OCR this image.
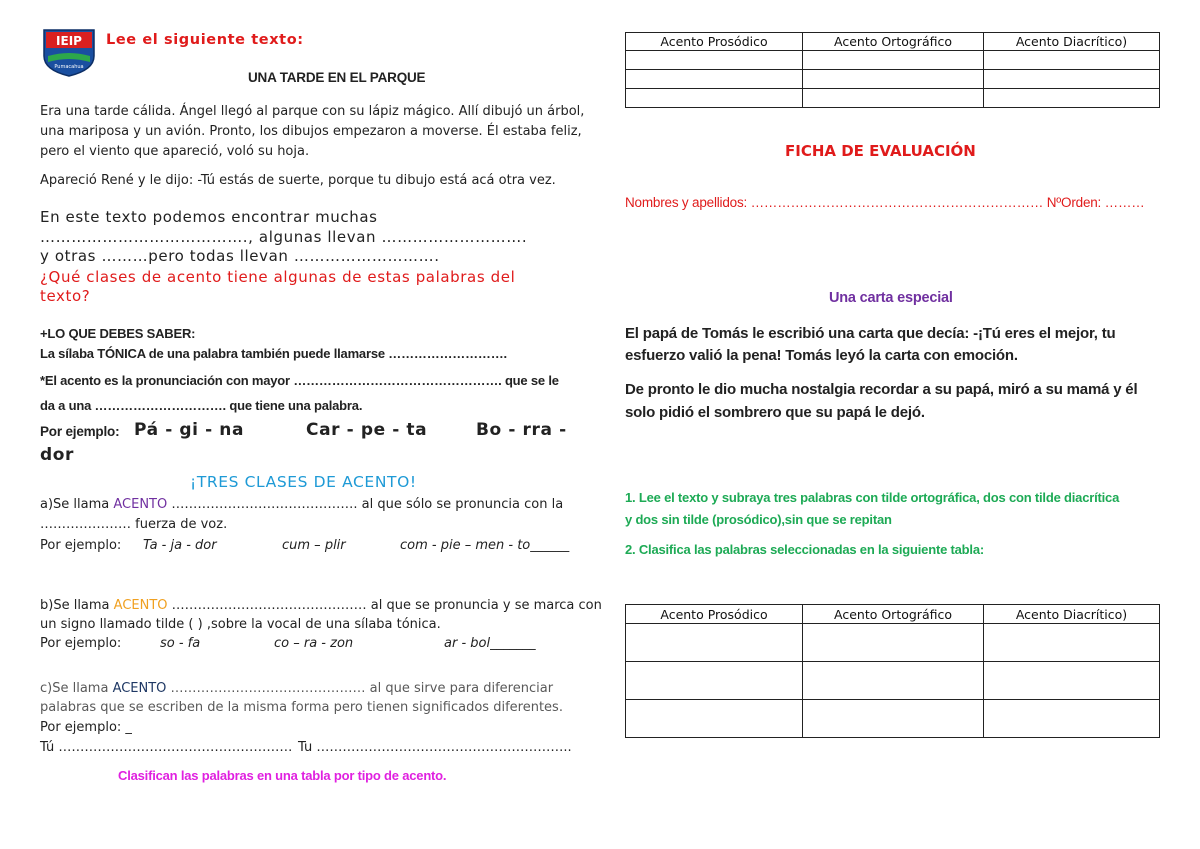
IEIP
Pumacahua
Lee el siguiente texto:
UNA TARDE EN EL PARQUE
Era una tarde cálida. Ángel llegó al parque con su lápiz mágico. Allí dibujó un árbol,
una mariposa y un avión. Pronto, los dibujos empezaron a moverse. Él estaba feliz,
pero el viento que apareció, voló su hoja.
Apareció René y le dijo: -Tú estás de suerte, porque tu dibujo está acá otra vez.
En este texto podemos encontrar muchas
…………………………………., algunas llevan ……………………….
y otras ………pero todas llevan ……………………….
¿Qué clases de acento tiene algunas de estas palabras del
texto?
+LO QUE DEBES SABER:
La sílaba TÓNICA de una palabra también puede llamarse ……………………….
*El acento es la pronunciación con mayor …………………………………………. que se le
da a una …………………………. que tiene una palabra.
Por ejemplo: Pá - gi - na	Car - pe - ta	Bo - rra -
dor
¡TRES CLASES DE ACENTO!
a)Se llama ACENTO ……………………………………. al que sólo se pronuncia con la
………………… fuerza de voz.
Por ejemplo: Ta - ja - dor	cum – plir	com - pie – men - to______
b)Se llama ACENTO ……………………………………… al que se pronuncia y se marca con
un signo llamado tilde ( ) ,sobre la vocal de una sílaba tónica.
Por ejemplo:	so - fa	co – ra - zon	ar - bol_______
c)Se llama ACENTO ……………………………………… al que sirve para diferenciar
palabras que se escriben de la misma forma pero tienen significados diferentes.
Por ejemplo: _
Tú ……………………………………………… Tu …………………………………………………..
Clasifican las palabras en una tabla por tipo de acento.
Acento Prosódico	Acento Ortográfico	Acento Diacrítico)

FICHA DE EVALUACIÓN
Nombres y apellidos: ………………………………………………………… NºOrden: ………
Una carta especial
El papá de Tomás le escribió una carta que decía: -¡Tú eres el mejor, tu
esfuerzo valió la pena! Tomás leyó la carta con emoción.
De pronto le dio mucha nostalgia recordar a su papá, miró a su mamá y él
solo pidió el sombrero que su papá le dejó.
1. Lee el texto y subraya tres palabras con tilde ortográfica, dos con tilde diacrítica
y dos sin tilde (prosódico),sin que se repitan
2. Clasifica las palabras seleccionadas en la siguiente tabla:
Acento Prosódico	Acento Ortográfico	Acento Diacrítico)
